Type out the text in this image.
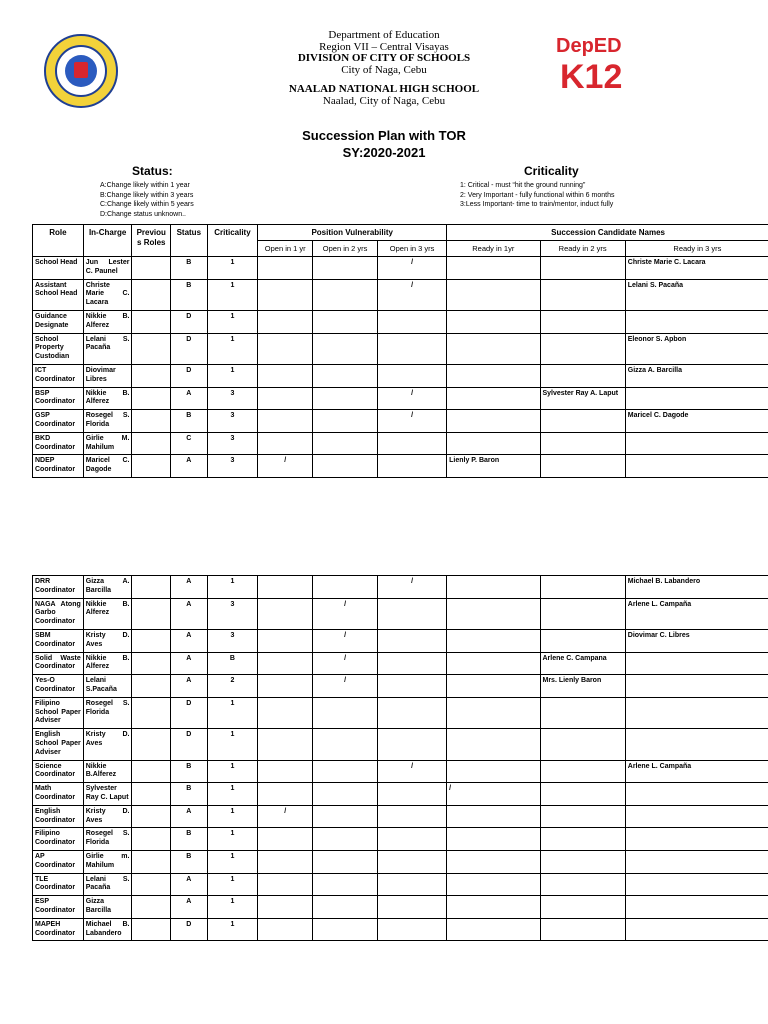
Department of Education
Region VII – Central Visayas
DIVISION OF CITY OF SCHOOLS
City of Naga, Cebu
NAALAD NATIONAL HIGH SCHOOL
Naalad, City of Naga, Cebu
DepED
K12
Succession Plan with TOR
SY:2020-2021
Status:
A:Change likely within 1 year
B:Change likely within 3 years
C:Change likely within 5 years
D:Change status unknown..
Criticality
1: Critical - must “hit the ground running”
2: Very Important - fully functional within 6 months
3:Less Important- time to train/mentor, induct fully
Role	In-Charge	Previous Roles	Status	Criticality	Position Vulnerability			Succession Candidate Names		
					Open in 1 yr	Open in 2 yrs	Open in 3 yrs	Ready in 1yr	Ready in 2 yrs	Ready in 3 yrs
School Head	Jun Lester C. Paunel		B	1			/			Christe Marie C. Lacara
Assistant School Head	Christe Marie C. Lacara		B	1			/			Lelani S. Pacaña
Guidance Designate	Nikkie B. Alferez		D	1						
School Property Custodian	Lelani S. Pacaña		D	1						Eleonor S. Apbon
ICT Coordinator	Diovimar Libres		D	1						Gizza A. Barcilla
BSP Coordinator	Nikkie B. Alferez		A	3			/		Sylvester Ray A. Laput	
GSP Coordinator	Rosegel S. Florida		B	3			/			Maricel C. Dagode
BKD Coordinator	Girlie M. Mahilum		C	3						
NDEP Coordinator	Maricel C. Dagode		A	3	/			Lienly P. Baron		
DRR Coordinator	Gizza A. Barcilla		A	1			/			Michael B. Labandero
NAGA Atong Garbo Coordinator	Nikkie B. Alferez		A	3		/				Arlene L. Campaña
SBM Coordinator	Kristy D. Aves		A	3		/				Diovimar C. Libres
Solid Waste Coordinator	Nikkie B. Alferez		A	B		/			Arlene C. Campana	
Yes-O Coordinator	Lelani S.Pacaña		A	2		/			Mrs. Lienly Baron	
Filipino School Paper Adviser	Rosegel S. Florida		D	1						
English School Paper Adviser	Kristy D. Aves		D	1						
Science Coordinator	Nikkie B.Alferez		B	1			/			Arlene L. Campaña
Math Coordinator	Sylvester Ray C. Laput		B	1				/		
English Coordinator	Kristy D. Aves		A	1	/					
Filipino Coordinator	Rosegel S. Florida		B	1						
AP Coordinator	Girlie m. Mahilum		B	1						
TLE Coordinator	Lelani S. Pacaña		A	1						
ESP Coordinator	Gizza Barcilla		A	1						
MAPEH Coordinator	Michael B. Labandero		D	1						
